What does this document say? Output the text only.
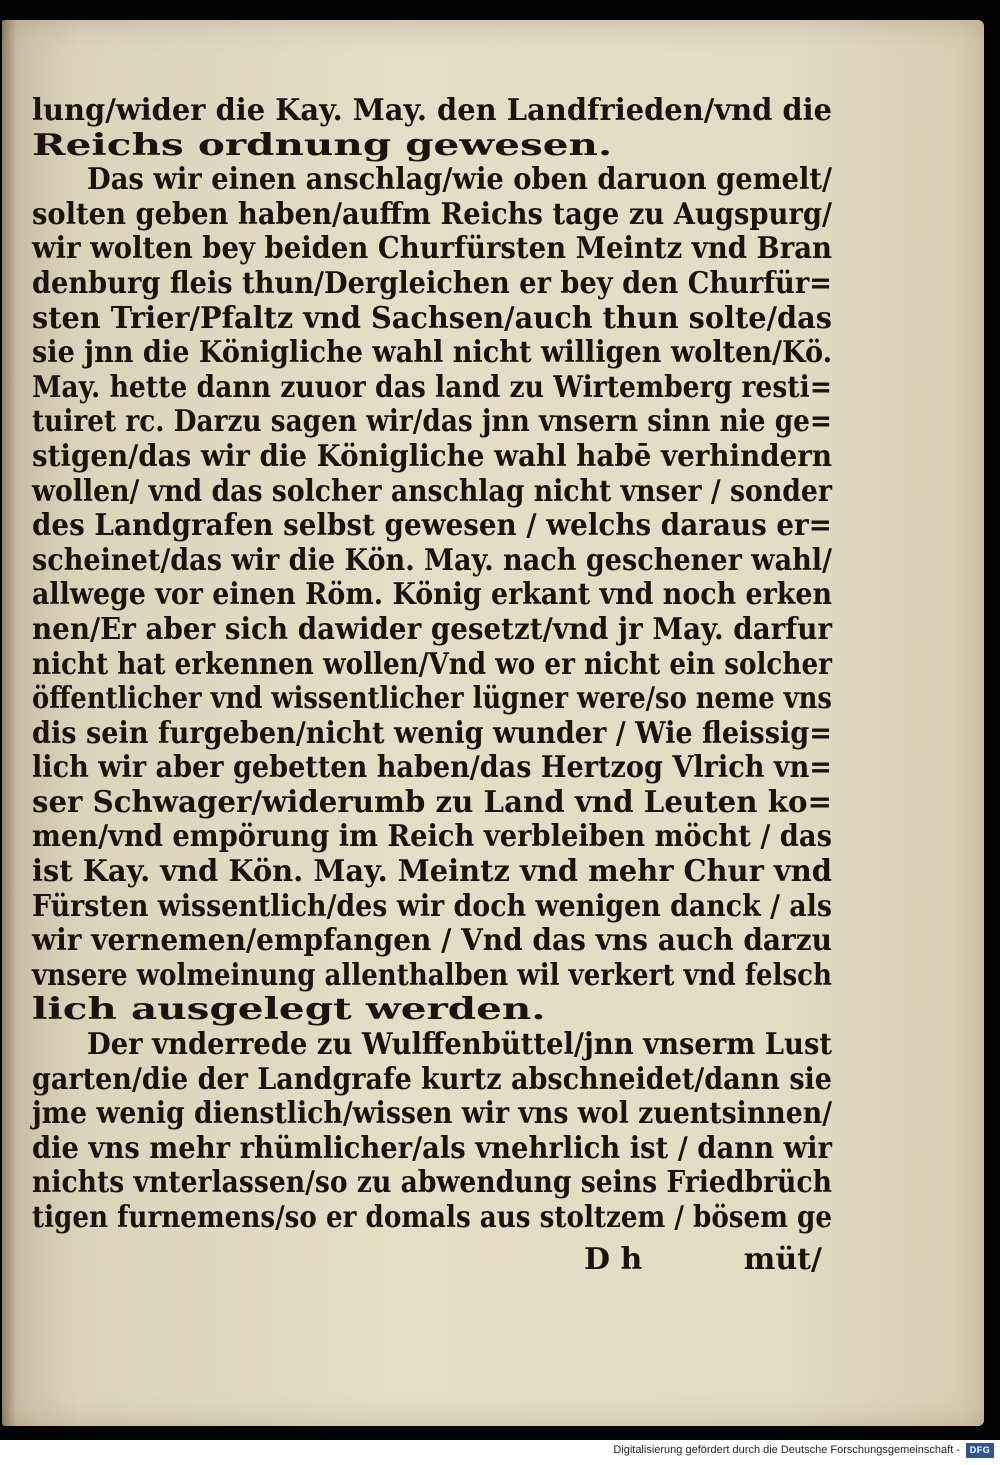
lung/wider die Kay. May. den Landfrieden/vnd die
Reichs ordnung gewesen.
Das wir einen anschlag/wie oben daruon gemelt/
solten geben haben/auffm Reichs tage zu Augspurg/
wir wolten bey beiden Churfürsten Meintz vnd Bran
denburg fleis thun/Dergleichen er bey den Churfür=
sten Trier/Pfaltz vnd Sachsen/auch thun solte/das
sie jnn die Königliche wahl nicht willigen wolten/Kö.
May. hette dann zuuor das land zu Wirtemberg resti=
tuiret rc. Darzu sagen wir/das jnn vnsern sinn nie ge=
stigen/das wir die Königliche wahl habē verhindern
wollen/ vnd das solcher anschlag nicht vnser / sonder
des Landgrafen selbst gewesen / welchs daraus er=
scheinet/das wir die Kön. May. nach geschener wahl/
allwege vor einen Röm. König erkant vnd noch erken
nen/Er aber sich dawider gesetzt/vnd jr May. darfur
nicht hat erkennen wollen/Vnd wo er nicht ein solcher
öffentlicher vnd wissentlicher lügner were/so neme vns
dis sein furgeben/nicht wenig wunder / Wie fleissig=
lich wir aber gebetten haben/das Hertzog Vlrich vn=
ser Schwager/widerumb zu Land vnd Leuten ko=
men/vnd empörung im Reich verbleiben möcht / das
ist Kay. vnd Kön. May. Meintz vnd mehr Chur vnd
Fürsten wissentlich/des wir doch wenigen danck / als
wir vernemen/empfangen / Vnd das vns auch darzu
vnsere wolmeinung allenthalben wil verkert vnd felsch
lich ausgelegt werden.
Der vnderrede zu Wulffenbüttel/jnn vnserm Lust
garten/die der Landgrafe kurtz abschneidet/dann sie
jme wenig dienstlich/wissen wir vns wol zuentsinnen/
die vns mehr rhümlicher/als vnehrlich ist / dann wir
nichts vnterlassen/so zu abwendung seins Friedbrüch
tigen furnemens/so er domals aus stoltzem / bösem ge
D h	müt/
Digitalisierung gefördert durch die Deutsche Forschungsgemeinschaft -	DFG
